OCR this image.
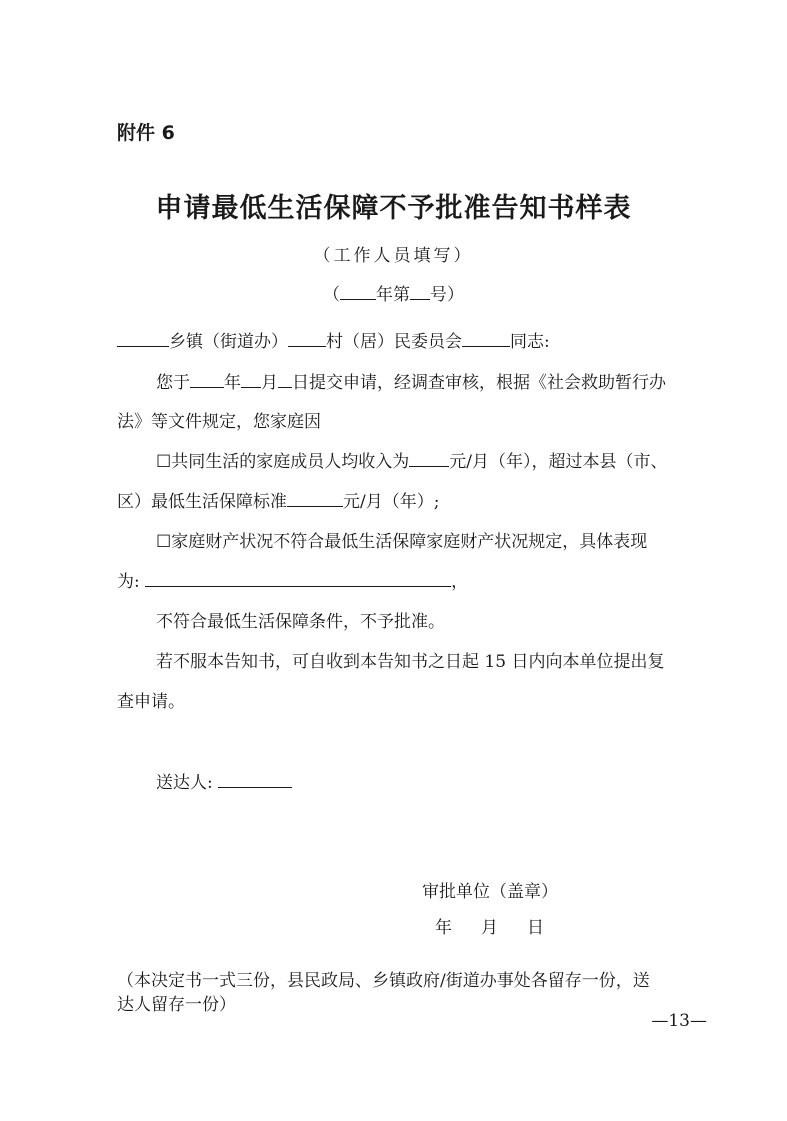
附件 6
申请最低生活保障不予批准告知书样表
（工作人员填写）
（ 年第 号）
乡镇（街道办） 村（居）民委员会	同志:
您于 年 月 日提交申请，经调查审核，根据《社会救助暂行办
法》等文件规定，您家庭因
☐共同生活的家庭成员人均收入为 元/月（年），超过本县（市、
区）最低生活保障标准	元/月（年）;
☐家庭财产状况不符合最低生活保障家庭财产状况规定，具体表现
为:	，
不符合最低生活保障条件，不予批准。
若不服本告知书，可自收到本告知书之日起 15 日内向本单位提出复
查申请。
送达人:
审批单位（盖章）
年　月　日
（本决定书一式三份，县民政局、乡镇政府/街道办事处各留存一份，送
达人留存一份）
—13—
